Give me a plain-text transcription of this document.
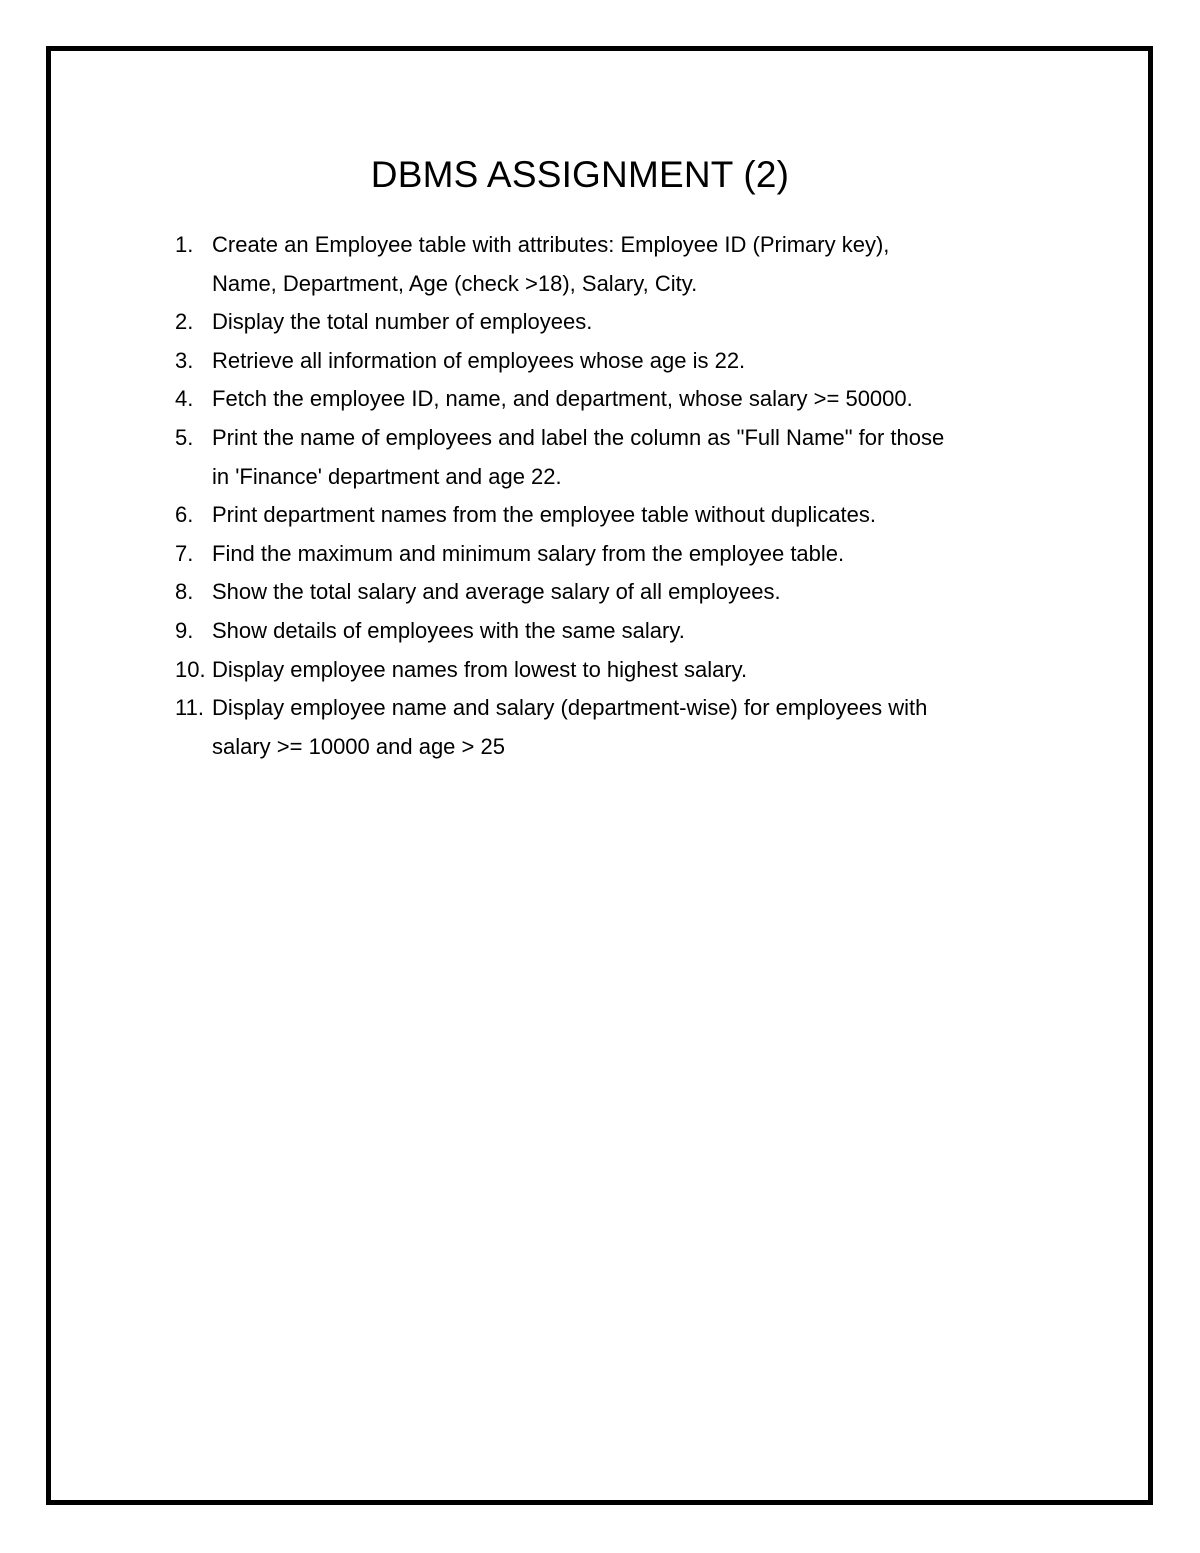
DBMS ASSIGNMENT (2)
1. Create an Employee table with attributes: Employee ID (Primary key),
Name, Department, Age (check >18), Salary, City.
2. Display the total number of employees.
3. Retrieve all information of employees whose age is 22.
4. Fetch the employee ID, name, and department, whose salary >= 50000.
5. Print the name of employees and label the column as "Full Name" for those
in 'Finance' department and age 22.
6. Print department names from the employee table without duplicates.
7. Find the maximum and minimum salary from the employee table.
8. Show the total salary and average salary of all employees.
9. Show details of employees with the same salary.
10. Display employee names from lowest to highest salary.
11. Display employee name and salary (department-wise) for employees with
salary >= 10000 and age > 25
